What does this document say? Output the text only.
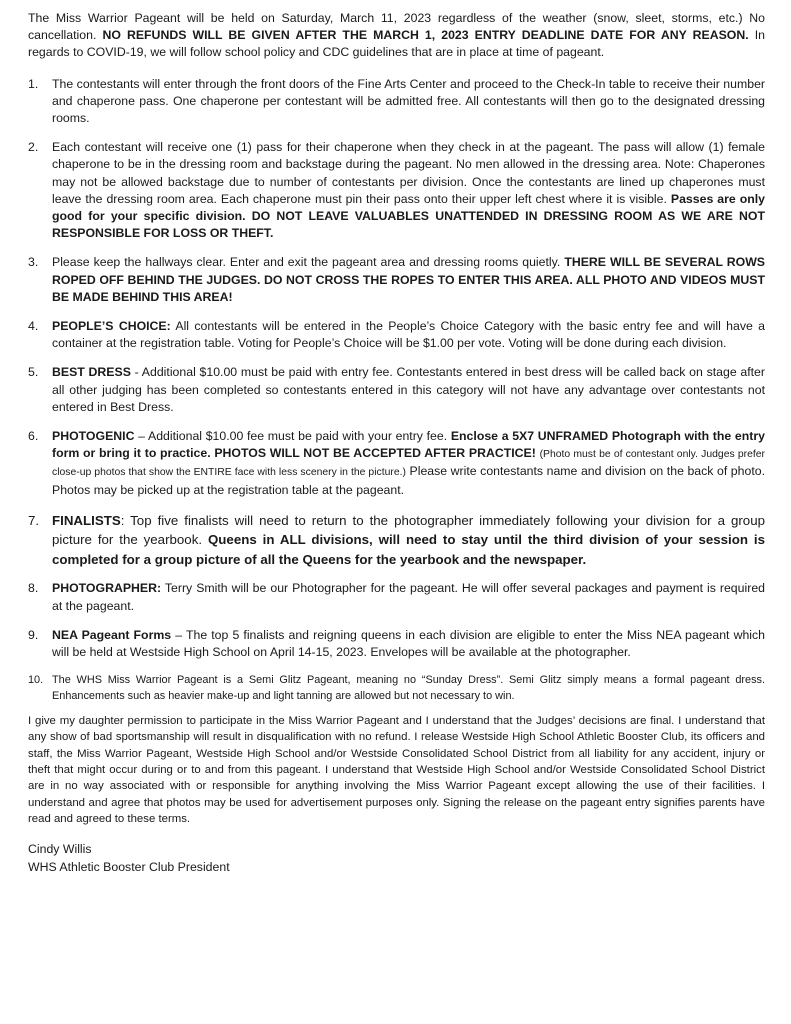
The Miss Warrior Pageant will be held on Saturday, March 11, 2023 regardless of the weather (snow, sleet, storms, etc.) No cancellation. NO REFUNDS WILL BE GIVEN AFTER THE MARCH 1, 2023 ENTRY DEADLINE DATE FOR ANY REASON. In regards to COVID-19, we will follow school policy and CDC guidelines that are in place at time of pageant.

1. The contestants will enter through the front doors of the Fine Arts Center and proceed to the Check-In table to receive their number and chaperone pass. One chaperone per contestant will be admitted free. All contestants will then go to the designated dressing rooms.
2. Each contestant will receive one (1) pass for their chaperone when they check in at the pageant. The pass will allow (1) female chaperone to be in the dressing room and backstage during the pageant. No men allowed in the dressing area. Note: Chaperones may not be allowed backstage due to number of contestants per division. Once the contestants are lined up chaperones must leave the dressing room area. Each chaperone must pin their pass onto their upper left chest where it is visible. Passes are only good for your specific division. DO NOT LEAVE VALUABLES UNATTENDED IN DRESSING ROOM AS WE ARE NOT RESPONSIBLE FOR LOSS OR THEFT.
3. Please keep the hallways clear. Enter and exit the pageant area and dressing rooms quietly. THERE WILL BE SEVERAL ROWS ROPED OFF BEHIND THE JUDGES. DO NOT CROSS THE ROPES TO ENTER THIS AREA. ALL PHOTO AND VIDEOS MUST BE MADE BEHIND THIS AREA!
4. PEOPLE’S CHOICE: All contestants will be entered in the People’s Choice Category with the basic entry fee and will have a container at the registration table. Voting for People’s Choice will be $1.00 per vote. Voting will be done during each division.
5. BEST DRESS - Additional $10.00 must be paid with entry fee. Contestants entered in best dress will be called back on stage after all other judging has been completed so contestants entered in this category will not have any advantage over contestants not entered in Best Dress.
6. PHOTOGENIC – Additional $10.00 fee must be paid with your entry fee. Enclose a 5X7 UNFRAMED Photograph with the entry form or bring it to practice. PHOTOS WILL NOT BE ACCEPTED AFTER PRACTICE! (Photo must be of contestant only. Judges prefer close-up photos that show the ENTIRE face with less scenery in the picture.) Please write contestants name and division on the back of photo. Photos may be picked up at the registration table at the pageant.
7. FINALISTS: Top five finalists will need to return to the photographer immediately following your division for a group picture for the yearbook. Queens in ALL divisions, will need to stay until the third division of your session is completed for a group picture of all the Queens for the yearbook and the newspaper.
8. PHOTOGRAPHER: Terry Smith will be our Photographer for the pageant. He will offer several packages and payment is required at the pageant.
9. NEA Pageant Forms – The top 5 finalists and reigning queens in each division are eligible to enter the Miss NEA pageant which will be held at Westside High School on April 14-15, 2023. Envelopes will be available at the photographer.
10. The WHS Miss Warrior Pageant is a Semi Glitz Pageant, meaning no “Sunday Dress”. Semi Glitz simply means a formal pageant dress. Enhancements such as heavier make-up and light tanning are allowed but not necessary to win.

I give my daughter permission to participate in the Miss Warrior Pageant and I understand that the Judges’ decisions are final. I understand that any show of bad sportsmanship will result in disqualification with no refund. I release Westside High School Athletic Booster Club, its officers and staff, the Miss Warrior Pageant, Westside High School and/or Westside Consolidated School District from all liability for any accident, injury or theft that might occur during or to and from this pageant. I understand that Westside High School and/or Westside Consolidated School District are in no way associated with or responsible for anything involving the Miss Warrior Pageant except allowing the use of their facilities. I understand and agree that photos may be used for advertisement purposes only. Signing the release on the pageant entry signifies parents have read and agreed to these terms.

Cindy Willis
WHS Athletic Booster Club President
